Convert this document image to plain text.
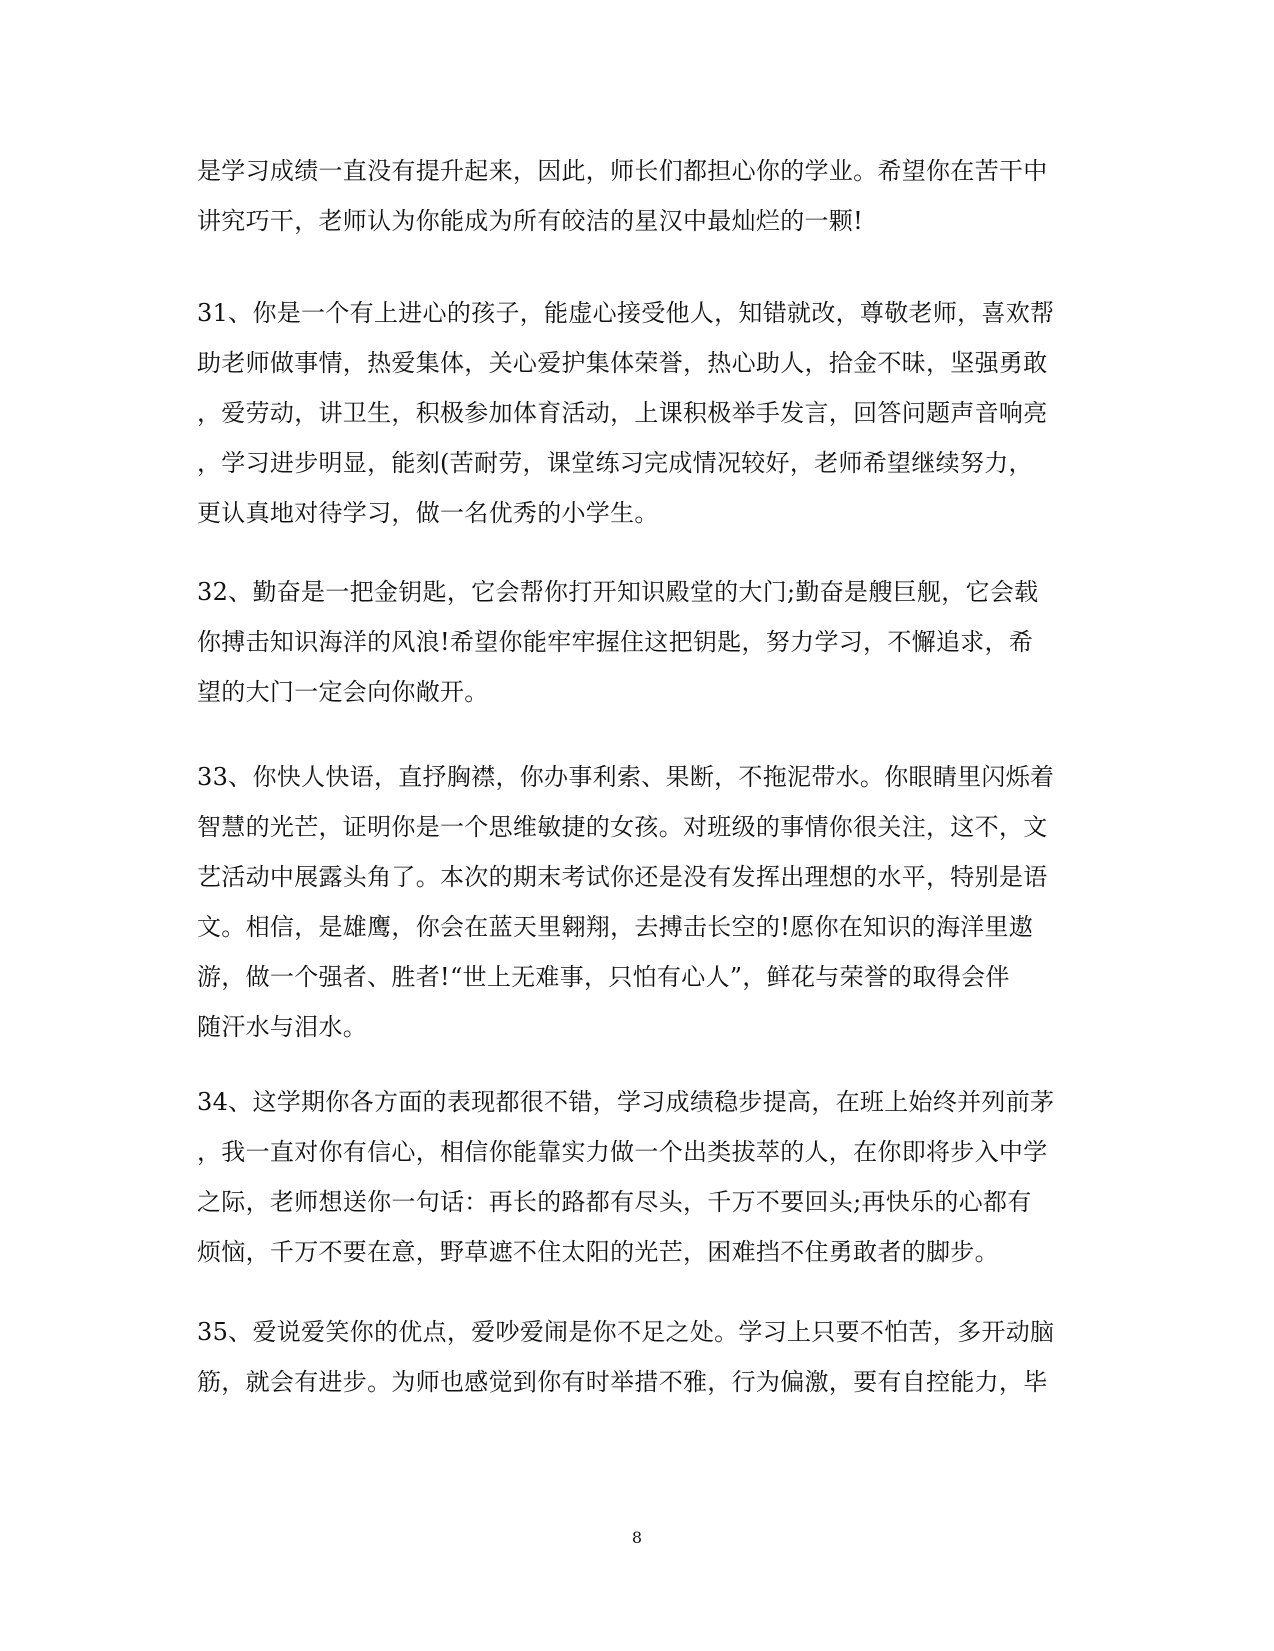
是学习成绩一直没有提升起来，因此，师长们都担心你的学业。希望你在苦干中
讲究巧干，老师认为你能成为所有皎洁的星汉中最灿烂的一颗!
31、你是一个有上进心的孩子，能虚心接受他人，知错就改，尊敬老师，喜欢帮
助老师做事情，热爱集体，关心爱护集体荣誉，热心助人，拾金不昧，坚强勇敢
，爱劳动，讲卫生，积极参加体育活动，上课积极举手发言，回答问题声音响亮
，学习进步明显，能刻(苦耐劳，课堂练习完成情况较好，老师希望继续努力，
更认真地对待学习，做一名优秀的小学生。
32、勤奋是一把金钥匙，它会帮你打开知识殿堂的大门;勤奋是艘巨舰，它会载
你搏击知识海洋的风浪!希望你能牢牢握住这把钥匙，努力学习，不懈追求，希
望的大门一定会向你敞开。
33、你快人快语，直抒胸襟，你办事利索、果断，不拖泥带水。你眼睛里闪烁着
智慧的光芒，证明你是一个思维敏捷的女孩。对班级的事情你很关注，这不，文
艺活动中展露头角了。本次的期末考试你还是没有发挥出理想的水平，特别是语
文。相信，是雄鹰，你会在蓝天里翱翔，去搏击长空的!愿你在知识的海洋里遨
游，做一个强者、胜者!“世上无难事，只怕有心人”，鲜花与荣誉的取得会伴
随汗水与泪水。
34、这学期你各方面的表现都很不错，学习成绩稳步提高，在班上始终并列前茅
，我一直对你有信心，相信你能靠实力做一个出类拔萃的人，在你即将步入中学
之际，老师想送你一句话：再长的路都有尽头，千万不要回头;再快乐的心都有
烦恼，千万不要在意，野草遮不住太阳的光芒，困难挡不住勇敢者的脚步。
35、爱说爱笑你的优点，爱吵爱闹是你不足之处。学习上只要不怕苦，多开动脑
筋，就会有进步。为师也感觉到你有时举措不雅，行为偏激，要有自控能力，毕
8
